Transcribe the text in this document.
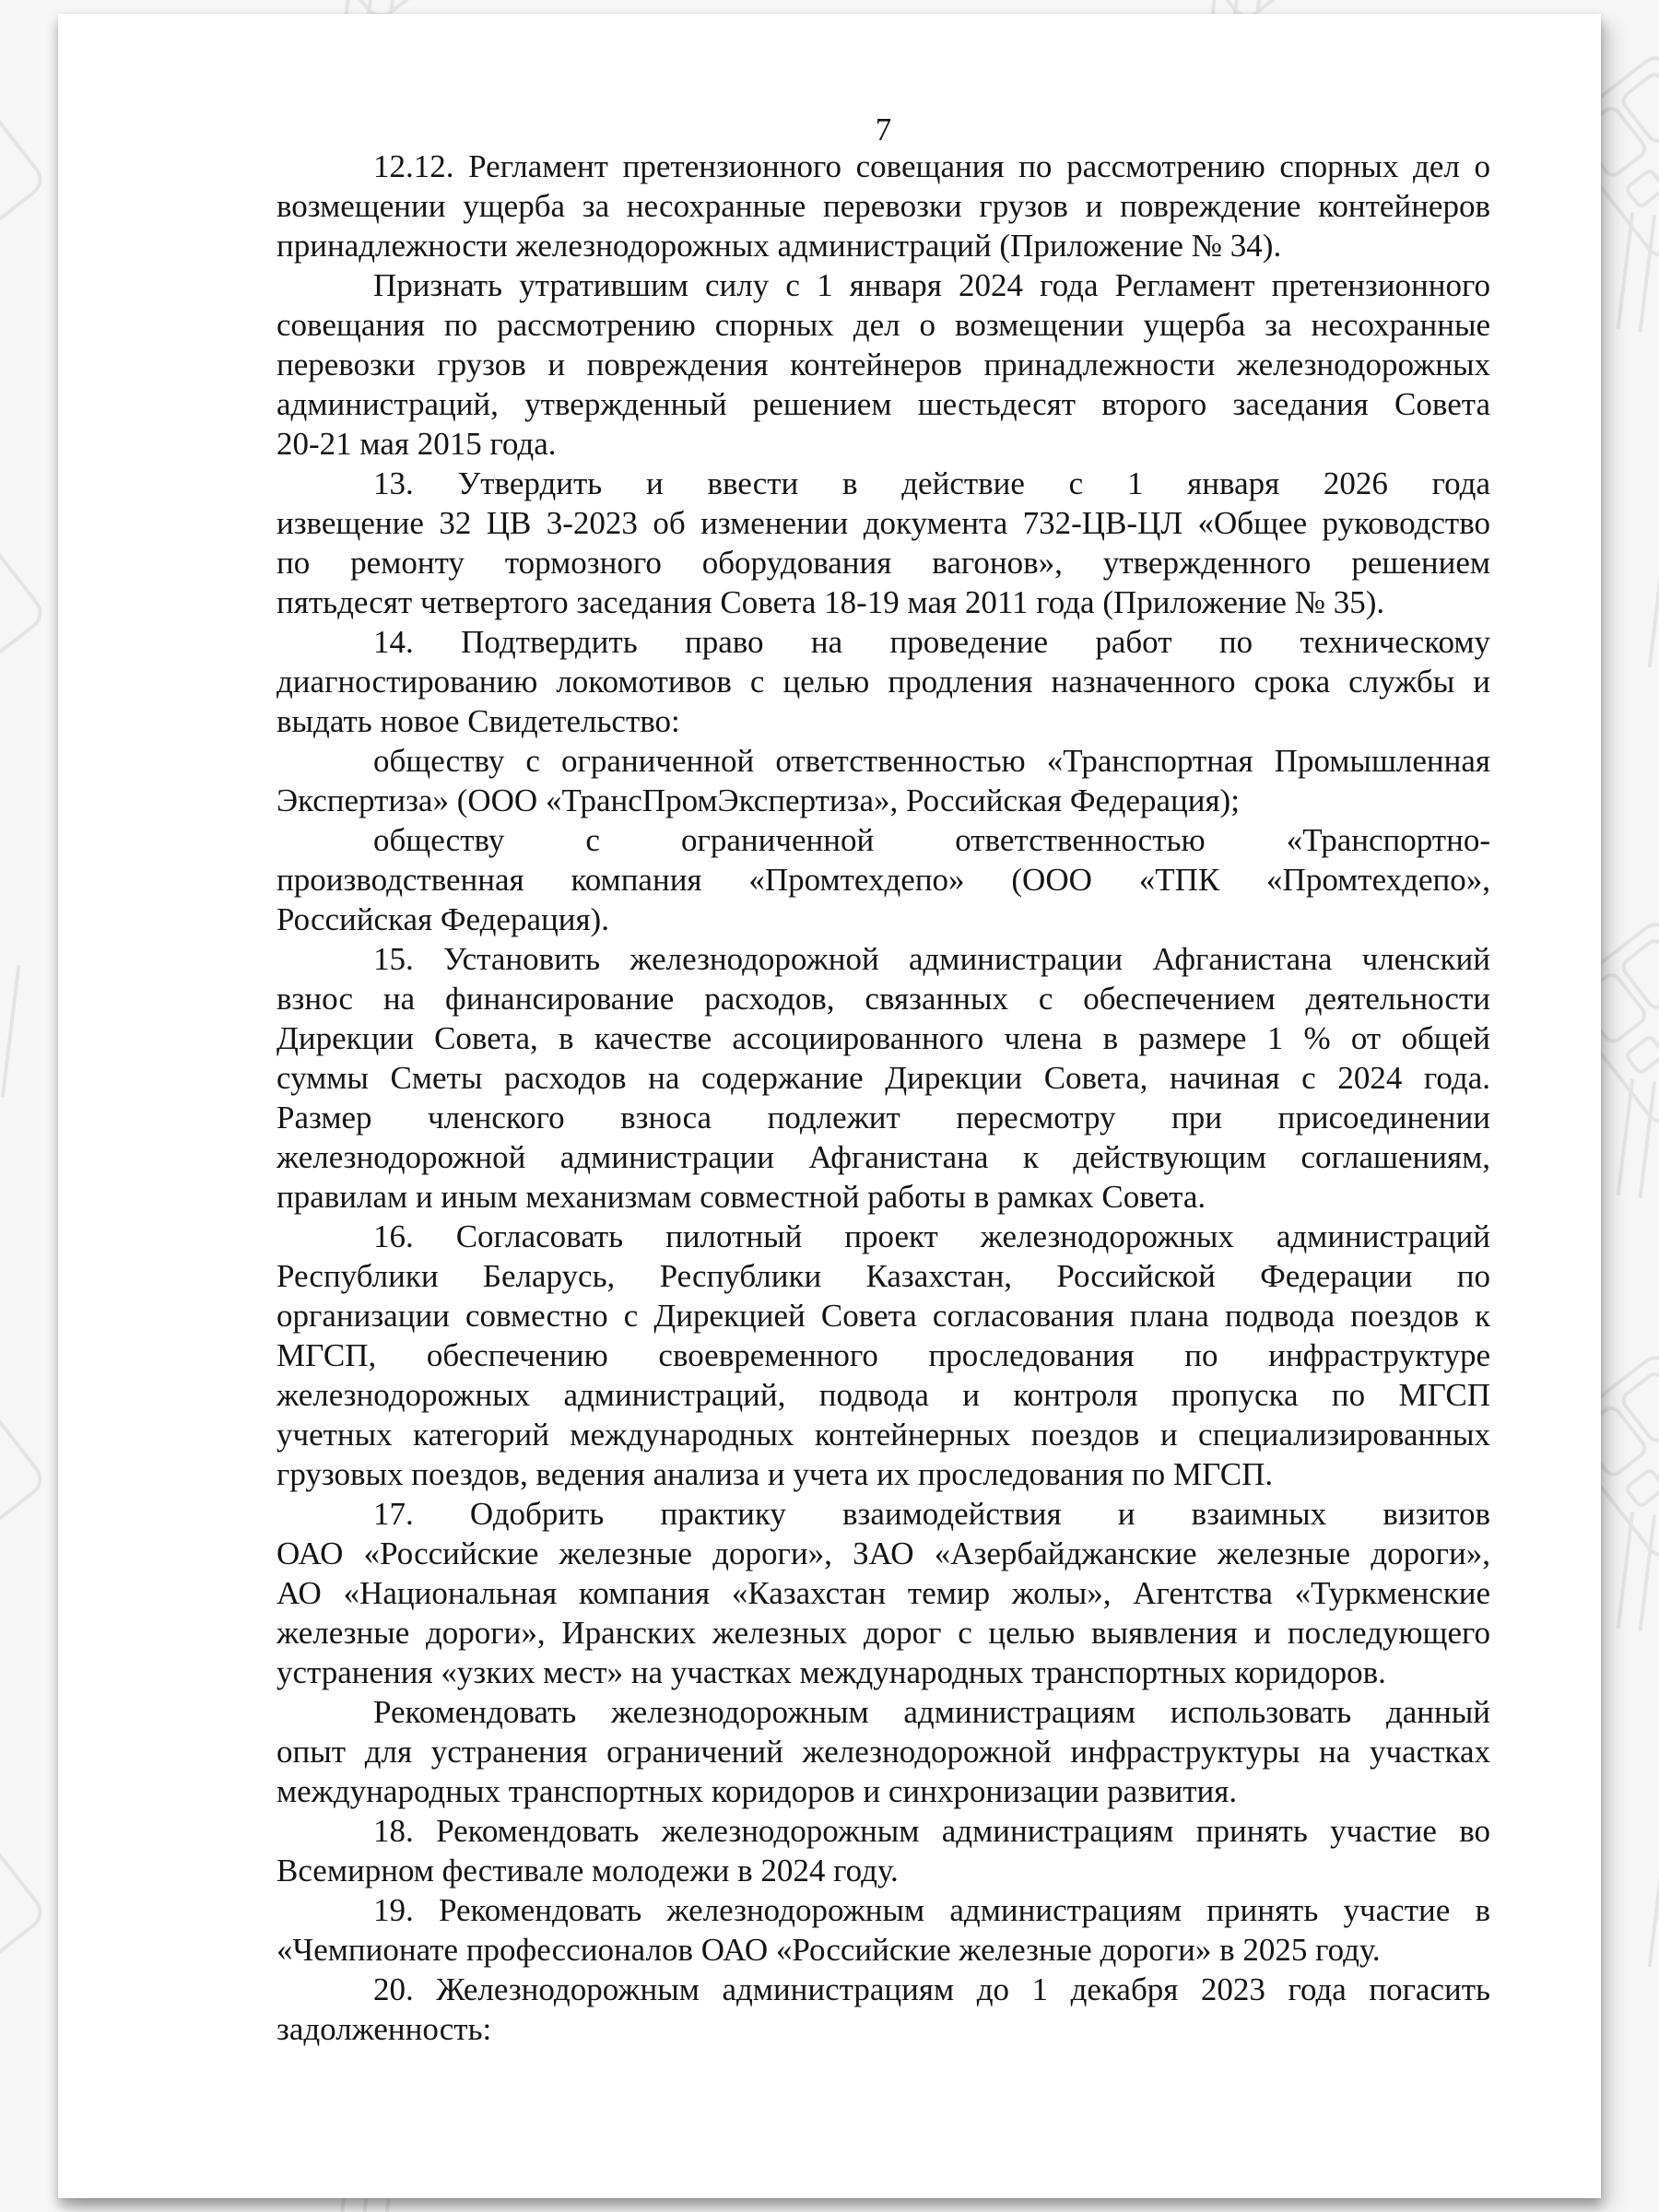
7
12.12. Регламент претензионного совещания по рассмотрению спорных дел о
возмещении ущерба за несохранные перевозки грузов и повреждение контейнеров
принадлежности железнодорожных администраций (Приложение № 34).
Признать утратившим силу с 1 января 2024 года Регламент претензионного
совещания по рассмотрению спорных дел о возмещении ущерба за несохранные
перевозки грузов и повреждения контейнеров принадлежности железнодорожных
администраций, утвержденный решением шестьдесят второго заседания Совета
20-21 мая 2015 года.
13. Утвердить и ввести в действие с 1 января 2026 года
извещение 32 ЦВ 3-2023 об изменении документа 732-ЦВ-ЦЛ «Общее руководство
по ремонту тормозного оборудования вагонов», утвержденного решением
пятьдесят четвертого заседания Совета 18-19 мая 2011 года (Приложение № 35).
14. Подтвердить право на проведение работ по техническому
диагностированию локомотивов с целью продления назначенного срока службы и
выдать новое Свидетельство:
обществу с ограниченной ответственностью «Транспортная Промышленная
Экспертиза» (ООО «ТрансПромЭкспертиза», Российская Федерация);
обществу с ограниченной ответственностью «Транспортно-
производственная компания «Промтехдепо» (ООО «ТПК «Промтехдепо»,
Российская Федерация).
15. Установить железнодорожной администрации Афганистана членский
взнос на финансирование расходов, связанных с обеспечением деятельности
Дирекции Совета, в качестве ассоциированного члена в размере 1 % от общей
суммы Сметы расходов на содержание Дирекции Совета, начиная с 2024 года.
Размер членского взноса подлежит пересмотру при присоединении
железнодорожной администрации Афганистана к действующим соглашениям,
правилам и иным механизмам совместной работы в рамках Совета.
16. Согласовать пилотный проект железнодорожных администраций
Республики Беларусь, Республики Казахстан, Российской Федерации по
организации совместно с Дирекцией Совета согласования плана подвода поездов к
МГСП, обеспечению своевременного проследования по инфраструктуре
железнодорожных администраций, подвода и контроля пропуска по МГСП
учетных категорий международных контейнерных поездов и специализированных
грузовых поездов, ведения анализа и учета их проследования по МГСП.
17. Одобрить практику взаимодействия и взаимных визитов
ОАО «Российские железные дороги», ЗАО «Азербайджанские железные дороги»,
АО «Национальная компания «Казахстан темир жолы», Агентства «Туркменские
железные дороги», Иранских железных дорог с целью выявления и последующего
устранения «узких мест» на участках международных транспортных коридоров.
Рекомендовать железнодорожным администрациям использовать данный
опыт для устранения ограничений железнодорожной инфраструктуры на участках
международных транспортных коридоров и синхронизации развития.
18. Рекомендовать железнодорожным администрациям принять участие во
Всемирном фестивале молодежи в 2024 году.
19. Рекомендовать железнодорожным администрациям принять участие в
«Чемпионате профессионалов ОАО «Российские железные дороги» в 2025 году.
20. Железнодорожным администрациям до 1 декабря 2023 года погасить
задолженность:
